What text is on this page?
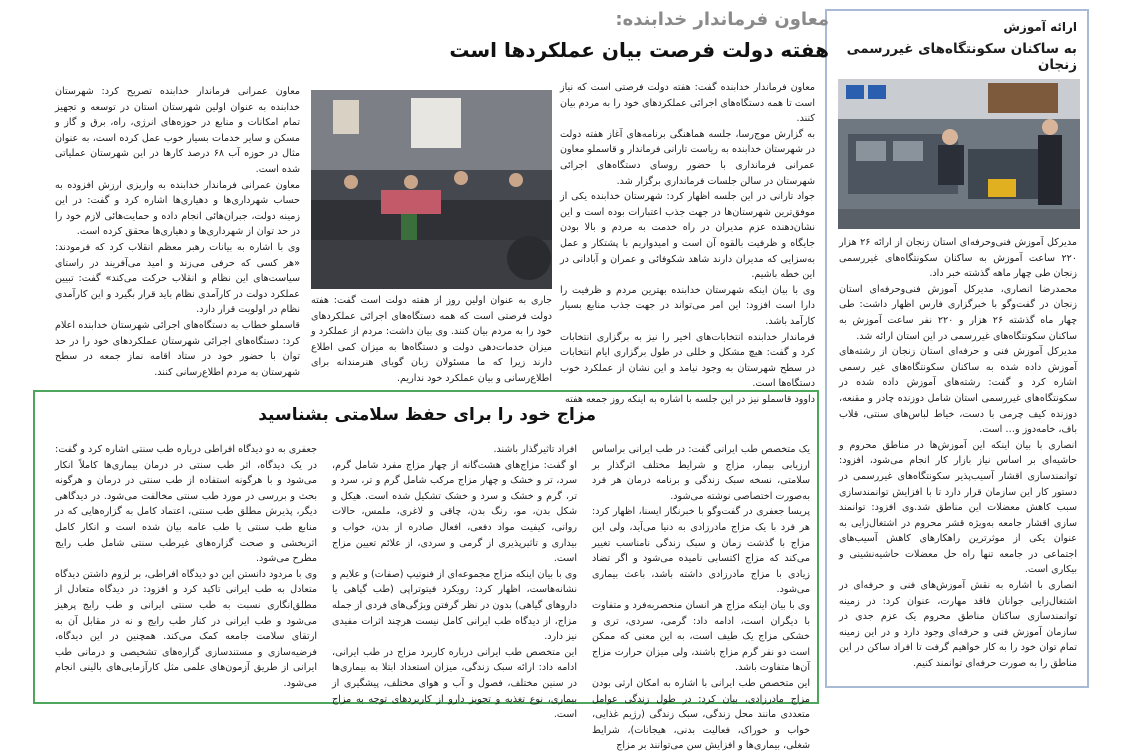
ارائه آموزش
به ساکنان سکونتگاه‌های غیررسمی زنجان

مدیرکل آموزش فنی‌وحرفه‌ای استان زنجان از ارائه ۲۶ هزار ۲۲۰ ساعت آموزش به ساکنان سکونتگاه‌های غیررسمی زنجان طی چهار ماهه گذشته خبر داد.

محمدرضا انصاری، مدیرکل آموزش فنی‌وحرفه‌ای استان زنجان در گفت‌وگو با خبرگزاری فارس اظهار داشت: طی چهار ماه گذشته ۲۶ هزار و ۲۲۰ نفر ساعت آموزش به ساکنان سکونتگاه‌های غیررسمی در این استان ارائه شد.

مدیرکل آموزش فنی و حرفه‌ای استان زنجان از رشته‌های آموزش داده شده به ساکنان سکونتگاه‌های غیر رسمی اشاره کرد و گفت: رشته‌های آموزش داده شده در سکونتگاه‌های غیررسمی استان شامل دوزنده چادر و مقنعه، دوزنده کیف چرمی با دست، خیاط لباس‌های سنتی، قلاب باف، خامه‌دوز و… است.

انصاری با بیان اینکه این آموزش‌ها در مناطق محروم و حاشیه‌ای بر اساس نیاز بازار کار انجام می‌شود، افزود: توانمندسازی اقشار آسیب‌پذیر سکونتگاه‌های غیررسمی در دستور کار این سازمان قرار دارد تا با افزایش توانمندسازی سبب کاهش معضلات این مناطق شد.وی افزود: توانمند سازی اقشار جامعه به‌ویژه قشر محروم در اشتغال‌زایی به عنوان یکی از موثرترین راهکارهای کاهش آسیب‌های اجتماعی در جامعه تنها راه حل معضلات حاشیه‌نشینی و بیکاری است.

انصاری با اشاره به نقش آموزش‌های فنی و حرفه‌ای در اشتغال‌زایی جوانان فاقد مهارت، عنوان کرد: در زمینه توانمندسازی ساکنان مناطق محروم یک عزم جدی در سازمان آموزش فنی و حرفه‌ای وجود دارد و در این زمینه تمام توان خود را به کار خواهیم گرفت تا افراد ساکن در این مناطق را به صورت حرفه‌ای توانمند کنیم.

معاون فرماندار خدابنده:
هفته دولت فرصت بیان عملکردها است

معاون فرماندار خدابنده گفت: هفته دولت فرصتی است که نیاز است تا همه دستگاه‌های اجرائی عملکردهای خود را به مردم بیان کنند.

به گزارش موج‌رسا، جلسه هماهنگی برنامه‌های آغاز هفته دولت در شهرستان خدابنده به ریاست تارانی فرماندار و قاسملو معاون عمرانی فرمانداری با حضور روسای دستگاه‌های اجرائی شهرستان در سالن جلسات فرمانداری برگزار شد.

جواد تارانی در این جلسه اظهار کرد: شهرستان خدابنده یکی از موفق‌ترین شهرستان‌ها در جهت جذب اعتبارات بوده است و این نشان‌دهنده عزم مدیران در راه خدمت به مردم و بالا بودن جایگاه و ظرفیت بالقوه آن است و امیدواریم با پشتکار و عمل به‌سزایی که مدیران دارند شاهد شکوفائی و عمران و آبادانی در این خطه باشیم.

وی با بیان اینکه شهرستان خدابنده بهترین مردم و ظرفیت را دارا است افزود: این امر می‌تواند در جهت جذب منابع بسیار کارآمد باشد.

فرماندار خدابنده انتخابات‌های اخیر را نیز به برگزاری انتخابات کرد و گفت: هیچ مشکل و خللی در طول برگزاری ایام انتخابات در سطح شهرستان به وجود نیامد و این نشان از عملکرد خوب دستگاه‌ها است.

داوود قاسملو نیز در این جلسه با اشاره به اینکه روز جمعه هفته

جاری به عنوان اولین روز از هفته دولت است گفت: هفته دولت فرصتی است که همه دستگاه‌های اجرائی عملکردهای خود را به مردم بیان کنند. وی بیان داشت: مردم از عملکرد و میزان خدمات‌دهی دولت و دستگاه‌ها به میزان کمی اطلاع دارند زیرا که ما مسئولان زبان گویای هنرمندانه برای اطلاع‌رسانی و بیان عملکرد خود نداریم.

معاون عمرانی فرماندار خدابنده تصریح کرد: شهرستان خدابنده به عنوان اولین شهرستان استان در توسعه و تجهیز تمام امکانات و منابع در حوزه‌های انرژی، راه، برق و گاز و مسکن و سایر خدمات بسیار خوب عمل کرده است، به عنوان مثال در حوزه آب ۶۸ درصد کارها در این شهرستان عملیاتی شده است.

معاون عمرانی فرماندار خدابنده به واریزی ارزش افزوده به حساب شهرداری‌ها و دهیاری‌ها اشاره کرد و گفت: در این زمینه دولت، جبران‌هائی انجام داده و حمایت‌هائی لازم خود را در حد توان از شهرداری‌ها و دهیاری‌ها محقق کرده است.

وی با اشاره به بیانات رهبر معظم انقلاب کرد که فرمودند: «هر کسی که حرفی می‌زند و امید می‌آفریند در راستای سیاست‌های این نظام و انقلاب حرکت می‌کند» گفت: تبیین عملکرد دولت در کارآمدی نظام باید قرار بگیرد و این کارآمدی نظام در اولویت قرار دارد.

قاسملو خطاب به دستگاه‌های اجرائی شهرستان خدابنده اعلام کرد: دستگاه‌های اجرائی شهرستان عملکردهای خود را در حد توان با حضور خود در ستاد اقامه نماز جمعه در سطح شهرستان به مردم اطلاع‌رسانی کنند.

مزاج خود را برای حفظ سلامتی بشناسید

یک متخصص طب ایرانی گفت: در طب ایرانی براساس ارزیابی بیمار، مزاج و شرایط مختلف اثرگذار بر سلامتی، نسخه سبک زندگی و برنامه درمان هر فرد به‌صورت اختصاصی نوشته می‌شود.

پریسا جعفری در گفت‌وگو با خبرنگار ایسنا، اظهار کرد: هر فرد با یک مزاج مادرزادی به دنیا می‌آید، ولی این مزاج با گذشت زمان و سبک زندگی نامناسب تغییر می‌کند که مزاج اکتسابی نامیده می‌شود و اگر تضاد زیادی با مزاج مادرزادی داشته باشد، باعث بیماری می‌شود.

وی با بیان اینکه مزاج هر انسان منحصربه‌فرد و متفاوت با دیگران است، ادامه داد: گرمی، سردی، تری و خشکی مزاج یک طیف است، به این معنی که ممکن است دو نفر گرم مزاج باشند، ولی میزان حرارت مزاج آن‌ها متفاوت باشد.

این متخصص طب ایرانی با اشاره به امکان ارثی بودن مزاج مادرزادی، بیان کرد: در طول زندگی عوامل متعددی مانند محل زندگی، سبک زندگی (رژیم غذایی، خواب و خوراک، فعالیت بدنی، هیجانات)، شرایط شغلی، بیماری‌ها و افزایش سن می‌توانند بر مزاج

افراد تاثیرگذار باشند.

او گفت: مزاج‌های هشت‌گانه از چهار مزاج مفرد شامل گرم، سرد، تر و خشک و چهار مزاج مرکب شامل گرم و تر، سرد و تر، گرم و خشک و سرد و خشک تشکیل شده است. هیکل و شکل بدن، مو، رنگ بدن، چاقی و لاغری، ملمس، حالات روانی، کیفیت مواد دفعی، افعال صادره از بدن، خواب و بیداری و تاثیرپذیری از گرمی و سردی، از علائم تعیین مزاج است.

وی با بیان اینکه مزاج مجموعه‌ای از فنوتیپ (صفات) و علایم و نشانه‌هاست، اظهار کرد: رویکرد فیتوتراپی (طب گیاهی یا داروهای گیاهی) بدون در نظر گرفتن ویژگی‌های فردی از جمله مزاج، از دیدگاه طب ایرانی کامل نیست هرچند اثرات مفیدی نیز دارد.

این متخصص طب ایرانی درباره کاربرد مزاج در طب ایرانی، ادامه داد: ارائه سبک زندگی، میزان استعداد ابتلا به بیماری‌ها در سنین مختلف، فصول و آب و هوای مختلف، پیشگیری از بیماری، نوع تغذیه و تجویز دارو از کاربردهای توجه به مزاج است.

جعفری به دو دیدگاه افراطی درباره طب سنتی اشاره کرد و گفت: در یک دیدگاه، اثر طب سنتی در درمان بیماری‌ها کاملاً انکار می‌شود و با هرگونه استفاده از طب سنتی در درمان و هرگونه بحث و بررسی در مورد طب سنتی مخالفت می‌شود. در دیدگاهی دیگر، پذیرش مطلق طب سنتی، اعتماد کامل به گزاره‌هایی که در منابع طب سنتی یا طب عامه بیان شده است و انکار کامل اثربخشی و صحت گزاره‌های غیرطب سنتی شامل طب رایج مطرح می‌شود.

وی با مردود دانستن این دو دیدگاه افراطی، بر لزوم داشتن دیدگاه متعادل به طب ایرانی تاکید کرد و افزود: در دیدگاه متعادل از مطلق‌انگاری نسبت به طب سنتی ایرانی و طب رایج پرهیز می‌شود و طب ایرانی در کنار طب رایج و نه در مقابل آن به ارتقای سلامت جامعه کمک می‌کند. همچنین در این دیدگاه، فرضیه‌سازی و مستندسازی گزاره‌های تشخیصی و درمانی طب ایرانی از طریق آزمون‌های علمی مثل کارآزمایی‌های بالینی انجام می‌شود.
